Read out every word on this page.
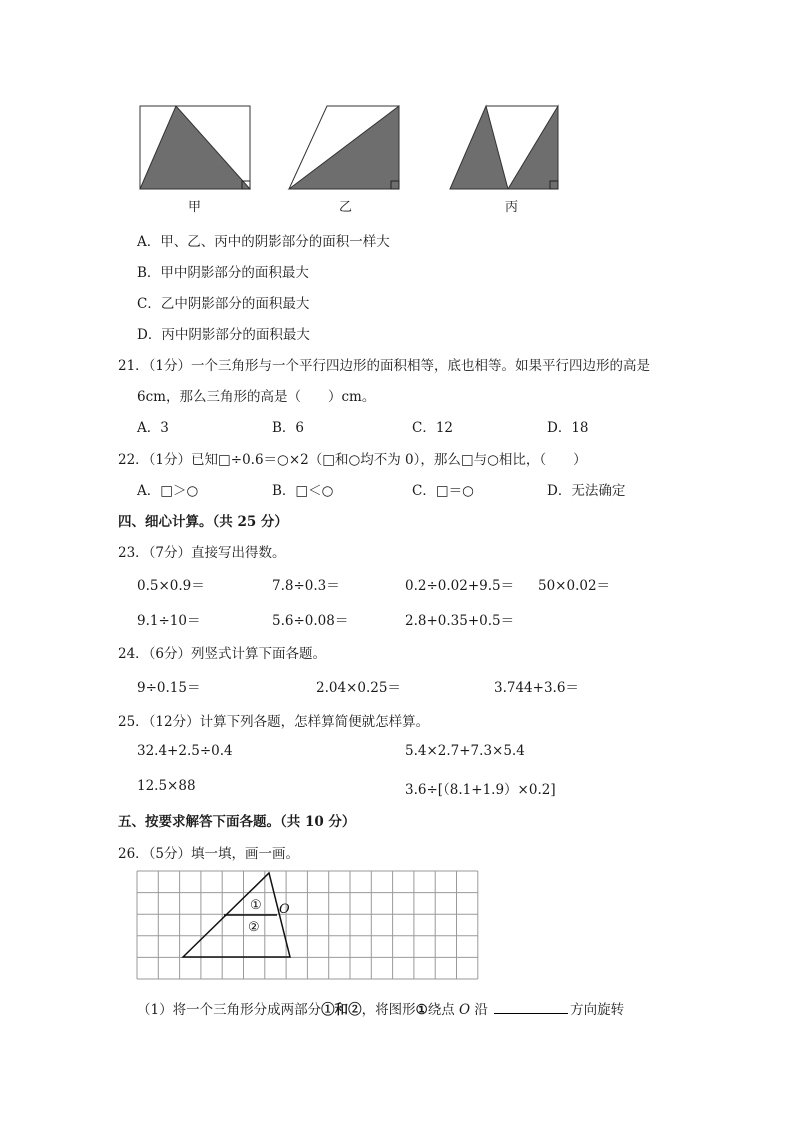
甲	乙	丙
A．甲、乙、丙中的阴影部分的面积一样大
B．甲中阴影部分的面积最大
C．乙中阴影部分的面积最大
D．丙中阴影部分的面积最大
21．（1分）一个三角形与一个平行四边形的面积相等，底也相等。如果平行四边形的高是
6cm，那么三角形的高是（　　）cm。
A．3	B．6	C．12	D．18
22．（1分）已知□÷0.6＝○×2（□和○均不为 0），那么□与○相比，（　　）
A．□＞○	B．□＜○	C．□＝○	D．无法确定
四、细心计算。（共 25 分）
23．（7分）直接写出得数。
0.5×0.9＝	7.8÷0.3＝	0.2÷0.02+9.5＝ 50×0.02＝
9.1÷10＝	5.6÷0.08＝	2.8+0.35+0.5＝
24．（6分）列竖式计算下面各题。
9÷0.15＝	2.04×0.25＝	3.744+3.6＝
25．（12分）计算下列各题，怎样算简便就怎样算。
32.4+2.5÷0.4	5.4×2.7+7.3×5.4
12.5×88	3.6÷[（8.1+1.9）×0.2]
五、按要求解答下面各题。（共 10 分）
26．（5分）填一填，画一画。
①
②
O
（1）将一个三角形分成两部分①和②，将图形①绕点 O 沿	方向旋转
